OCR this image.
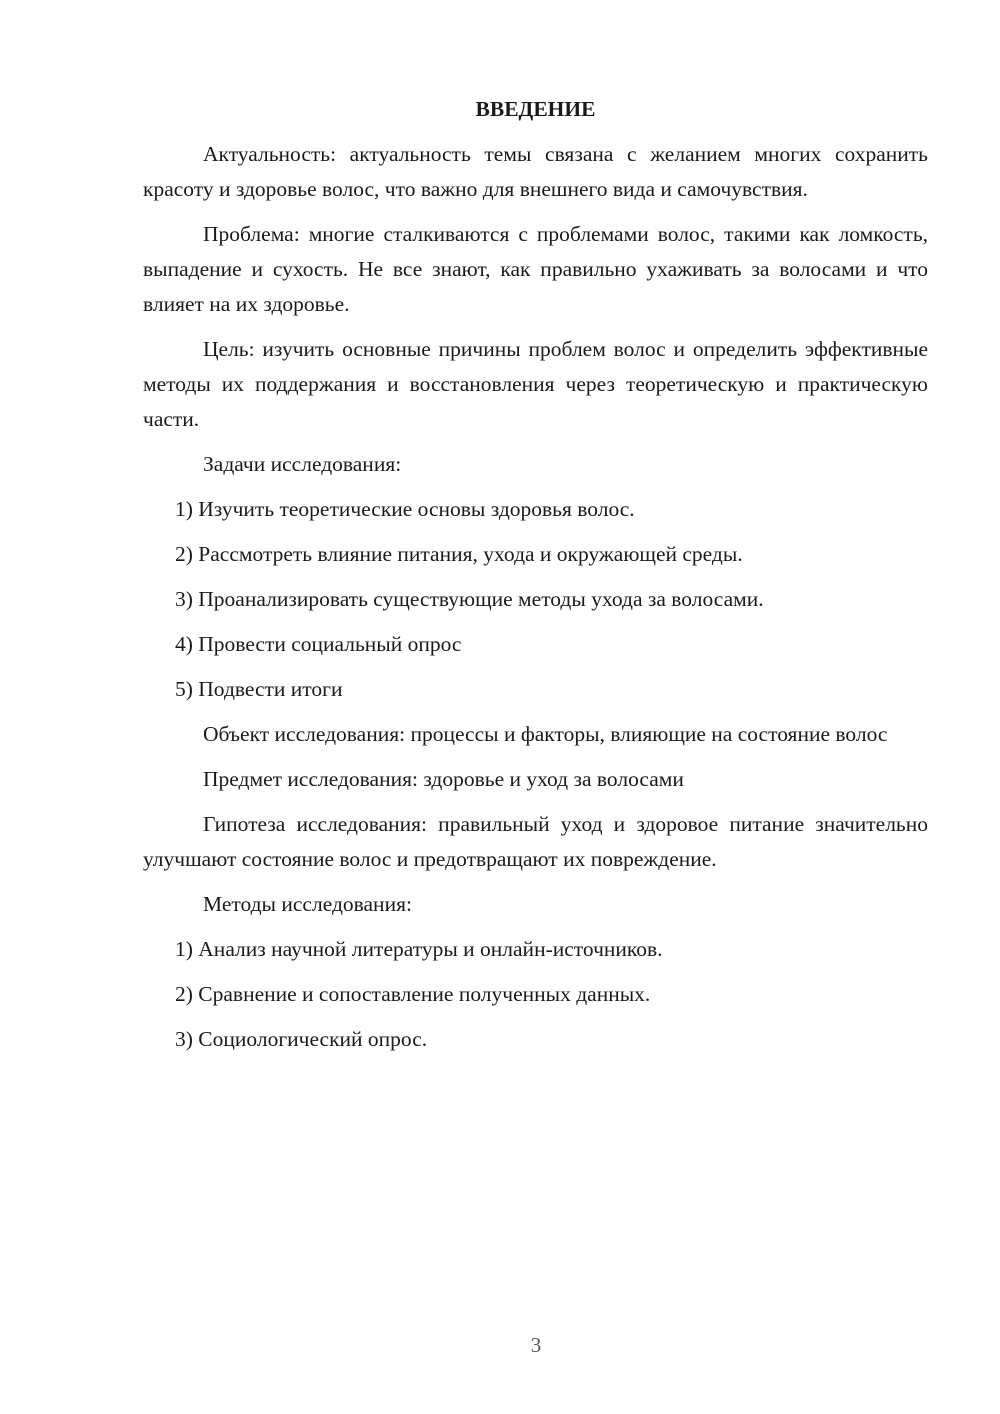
ВВЕДЕНИЕ

Актуальность: актуальность темы связана с желанием многих сохранить красоту и здоровье волос, что важно для внешнего вида и самочувствия.

Проблема: многие сталкиваются с проблемами волос, такими как ломкость, выпадение и сухость. Не все знают, как правильно ухаживать за волосами и что влияет на их здоровье.

Цель: изучить основные причины проблем волос и определить эффективные методы их поддержания и восстановления через теоретическую и практическую части.

Задачи исследования:

1) Изучить теоретические основы здоровья волос.
2) Рассмотреть влияние питания, ухода и окружающей среды.
3) Проанализировать существующие методы ухода за волосами.
4) Провести социальный опрос
5) Подвести итоги

Объект исследования: процессы и факторы, влияющие на состояние волос

Предмет исследования: здоровье и уход за волосами

Гипотеза исследования: правильный уход и здоровое питание значительно улучшают состояние волос и предотвращают их повреждение.

Методы исследования:

1) Анализ научной литературы и онлайн-источников.
2) Сравнение и сопоставление полученных данных.
3) Социологический опрос.
3
